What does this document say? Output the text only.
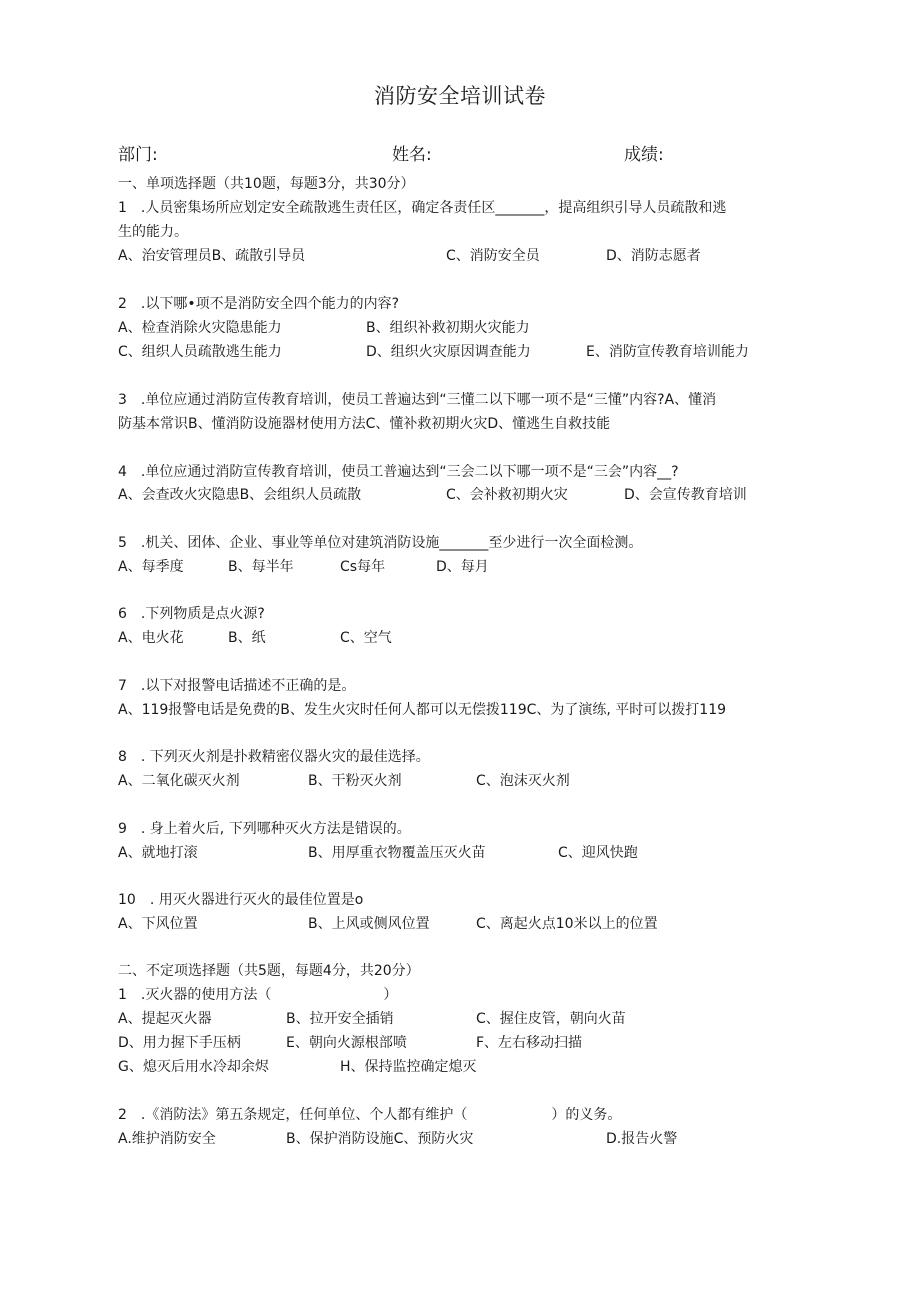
消防安全培训试卷
部门:	姓名:	成绩:
一、单项选择题（共10题，每题3分，共30分）
1　.人员密集场所应划定安全疏散逃生责任区，确定各责任区_______，提高组织引导人员疏散和逃
生的能力。
A、治安管理员B、疏散引导员	C、消防安全员	D、消防志愿者
2　.以下哪•项不是消防安全四个能力的内容?
A、检查消除火灾隐患能力	B、组织补救初期火灾能力
C、组织人员疏散逃生能力	D、组织火灾原因调查能力	E、消防宣传教育培训能力
3　.单位应通过消防宣传教育培训，使员工普遍达到“三懂二以下哪一项不是“三懂”内容?A、懂消
防基本常识B、懂消防设施器材使用方法C、懂补救初期火灾D、懂逃生自救技能
4　.单位应通过消防宣传教育培训，使员工普遍达到“三会二以下哪一项不是“三会”内容__?
A、会查改火灾隐患B、会组织人员疏散	C、会补救初期火灾	D、会宣传教育培训
5　.机关、团体、企业、事业等单位对建筑消防设施_______至少进行一次全面检测。
A、每季度	B、每半年	Cs每年	D、每月
6　.下列物质是点火源?
A、电火花	B、纸	C、空气
7　.以下对报警电话描述不正确的是。
A、119报警电话是免费的B、发生火灾时任何人都可以无偿拨119C、为了演练, 平时可以拨打119
8　. 下列灭火剂是扑救精密仪器火灾的最佳选择。
A、二氧化碳灭火剂	B、干粉灭火剂	C、泡沫灭火剂
9　. 身上着火后, 下列哪种灭火方法是错误的。
A、就地打滚	B、用厚重衣物覆盖压灭火苗	C、迎风快跑
10　. 用灭火器进行灭火的最佳位置是o
A、下风位置	B、上风或侧风位置	C、离起火点10米以上的位置
二、不定项选择题（共5题，每题4分，共20分）
1　.灭火器的使用方法（　　　　　　　　）
A、提起灭火器	B、拉开安全插销	C、握住皮管，朝向火苗
D、用力握下手压柄	E、朝向火源根部喷	F、左右移动扫描
G、熄灭后用水冷却余烬	H、保持监控确定熄灭
2　.《消防法》第五条规定，任何单位、个人都有维护（　　　　　　）的义务。
A.维护消防安全	B、保护消防设施C、预防火灾	D.报告火警
